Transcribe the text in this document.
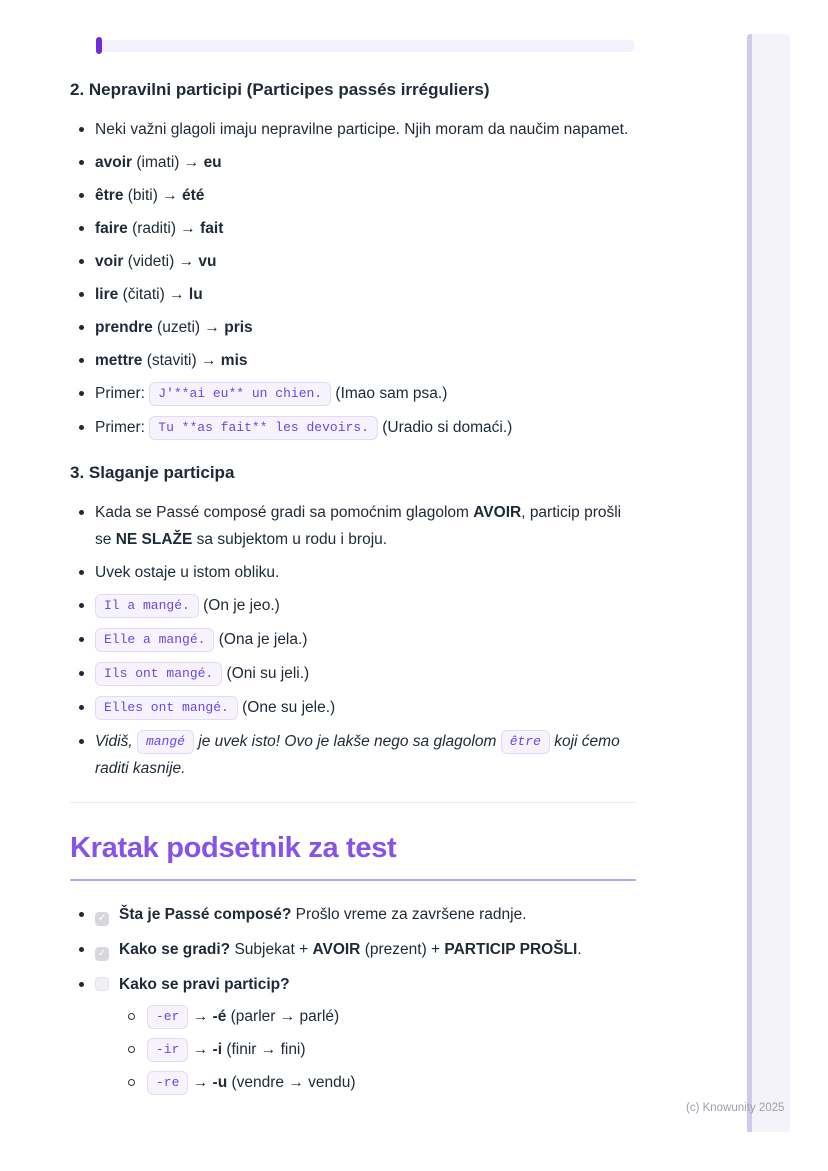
2. Nepravilni participi (Participes passés irréguliers)
Neki važni glagoli imaju nepravilne participe. Njih moram da naučim napamet.
avoir (imati) → eu
être (biti) → été
faire (raditi) → fait
voir (videti) → vu
lire (čitati) → lu
prendre (uzeti) → pris
mettre (staviti) → mis
Primer: J'**ai eu** un chien. (Imao sam psa.)
Primer: Tu **as fait** les devoirs. (Uradio si domaći.)
3. Slaganje participa
Kada se Passé composé gradi sa pomoćnim glagolom AVOIR, particip prošli se NE SLAŽE sa subjektom u rodu i broju.
Uvek ostaje u istom obliku.
Il a mangé. (On je jeo.)
Elle a mangé. (Ona je jela.)
Ils ont mangé. (Oni su jeli.)
Elles ont mangé. (One su jele.)
Vidiš, mangé je uvek isto! Ovo je lakše nego sa glagolom être koji ćemo raditi kasnije.
Kratak podsetnik za test
✓ Šta je Passé composé? Prošlo vreme za završene radnje.
✓ Kako se gradi? Subjekat + AVOIR (prezent) + PARTICIP PROŠLI.
Kako se pravi particip?
-er → -é (parler → parlé)
-ir → -i (finir → fini)
-re → -u (vendre → vendu)
(c) Knowunity 2025
